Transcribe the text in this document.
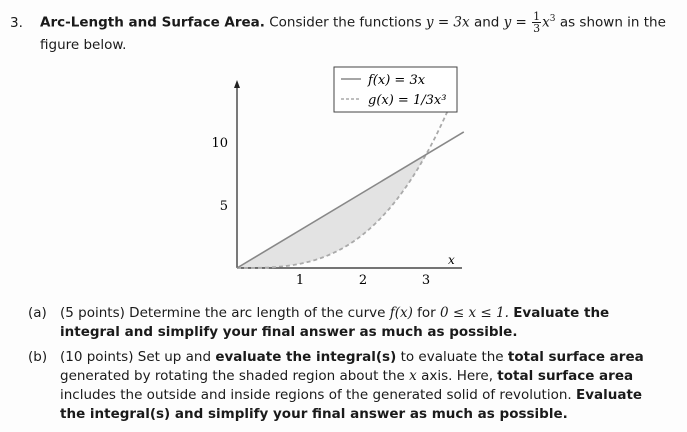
3. Arc-Length and Surface Area. Consider the functions y = 3x and $y = \frac{1}{3} x^3$ as shown in the
figure below.
1	2	3
10
5
x
f(x) = 3x
g(x) = 1/3x³
(a) (5 points) Determine the arc length of the curve f(x) for 0 ≤ x ≤ 1. Evaluate the integral and simplify your final answer as much as possible.
(b) (10 points) Set up and evaluate the integral(s) to evaluate the total surface area generated by rotating the shaded region about the x axis. Here, total surface area includes the outside and inside regions of the generated solid of revolution. Evaluate the integral(s) and simplify your final answer as much as possible.
